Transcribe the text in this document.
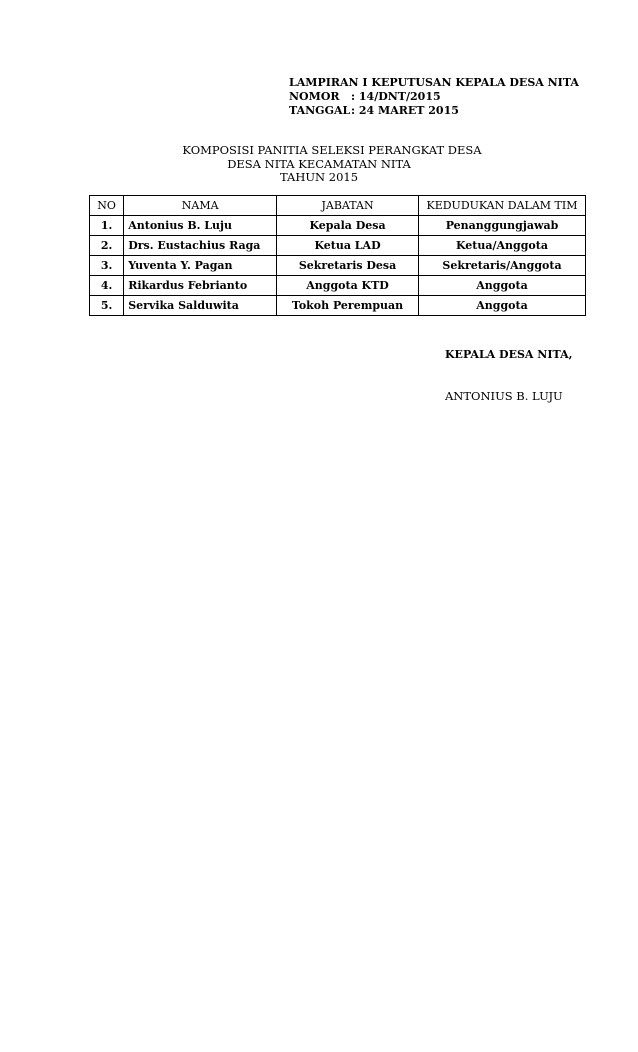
LAMPIRAN I KEPUTUSAN KEPALA DESA NITA
NOMOR : 14/DNT/2015
TANGGAL: 24 MARET 2015
KOMPOSISI PANITIA SELEKSI PERANGKAT DESA
DESA NITA KECAMATAN NITA
TAHUN 2015
NO	NAMA	JABATAN	KEDUDUKAN DALAM TIM
1.	Antonius B. Luju	Kepala Desa	Penanggungjawab
2.	Drs. Eustachius Raga	Ketua LAD	Ketua/Anggota
3.	Yuventa Y. Pagan	Sekretaris Desa	Sekretaris/Anggota
4.	Rikardus Febrianto	Anggota KTD	Anggota
5.	Servika Salduwita	Tokoh Perempuan	Anggota
KEPALA DESA NITA,
ANTONIUS B. LUJU
